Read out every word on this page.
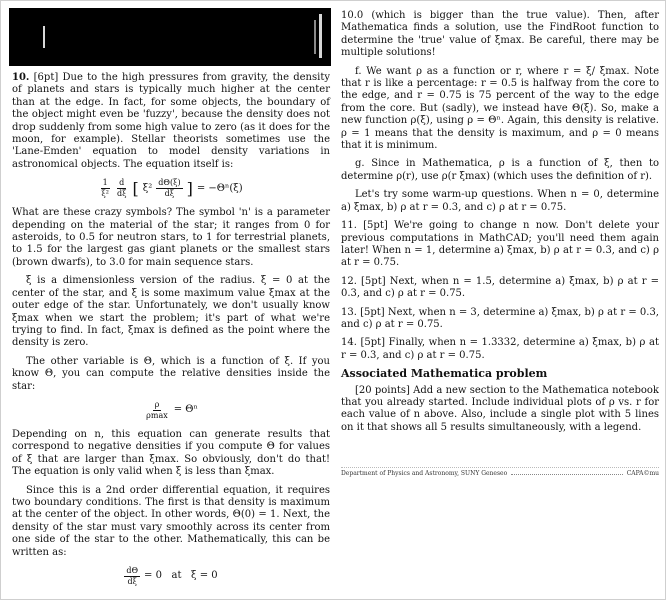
10. [6pt] Due to the high pressures from gravity, the density of planets and stars is typically much higher at the center than at the edge. In fact, for some objects, the boundary of the object might even be 'fuzzy', because the density does not drop suddenly from some high value to zero (as it does for the moon, for example). Stellar theorists sometimes use the 'Lane-Emden' equation to model density variations in astronomical objects. The equation itself is:

$\frac{1}{\text{ξ²}} \frac{d}{d\xi}$ [ $\xi^2 \frac{d\Theta(\xi)}{d\xi}$ ] = −Θⁿ(ξ)

What are these crazy symbols? The symbol 'n' is a parameter depending on the material of the star; it ranges from 0 for asteroids, to 0.5 for neutron stars, to 1 for terrestrial planets, to 1.5 for the largest gas giant planets or the smallest stars (brown dwarfs), to 3.0 for main sequence stars.

ξ is a dimensionless version of the radius. ξ = 0 at the center of the star, and ξ is some maximum value ξmax at the outer edge of the star. Unfortunately, we don't usually know ξmax when we start the problem; it's part of what we're trying to find. In fact, ξmax is defined as the point where the density is zero.

The other variable is Θ, which is a function of ξ. If you know Θ, you can compute the relative densities inside the star:

$\frac{\rho}{\rho\max} = \Theta^n$

Depending on n, this equation can generate results that correspond to negative densities if you compute Θ for values of ξ that are larger than ξmax. So obviously, don't do that! The equation is only valid when ξ is less than ξmax.

Since this is a 2nd order differential equation, it requires two boundary conditions. The first is that density is maximum at the center of the object. In other words, Θ(0) = 1. Next, the density of the star must vary smoothly across its center from one side of the star to the other. Mathematically, this can be written as:

$\frac{d\Theta}{d\xi} = 0$   at   ξ = 0

10.0 (which is bigger than the true value). Then, after Mathematica finds a solution, use the FindRoot function to determine the 'true' value of ξmax. Be careful, there may be multiple solutions!

f. We want ρ as a function or r, where r = ξ/ ξmax. Note that r is like a percentage: r = 0.5 is halfway from the core to the edge, and r = 0.75 is 75 percent of the way to the edge from the core. But (sadly), we instead have Θ(ξ). So, make a new function ρ(ξ), using ρ = Θⁿ. Again, this density is relative. ρ = 1 means that the density is maximum, and ρ = 0 means that it is minimum.

g. Since in Mathematica, ρ is a function of ξ, then to determine ρ(r), use ρ(r ξmax) (which uses the definition of r).

Let's try some warm-up questions. When n = 0, determine a) ξmax, b) ρ at r = 0.3, and c) ρ at r = 0.75.

11. [5pt] We're going to change n now. Don't delete your previous computations in MathCAD; you'll need them again later! When n = 1, determine a) ξmax, b) ρ at r = 0.3, and c) ρ at r = 0.75.

12. [5pt] Next, when n = 1.5, determine a) ξmax, b) ρ at r = 0.3, and c) ρ at r = 0.75.

13. [5pt] Next, when n = 3, determine a) ξmax, b) ρ at r = 0.3, and c) ρ at r = 0.75.

14. [5pt] Finally, when n = 1.3332, determine a) ξmax, b) ρ at r = 0.3, and c) ρ at r = 0.75.

Associated Mathematica problem

[20 points] Add a new section to the Mathematica notebook that you already started. Include individual plots of ρ vs. r for each value of n above. Also, include a single plot with 5 lines on it that shows all 5 results simultaneously, with a legend.

Department of Physics and Astronomy, SUNY Geneseo	CAPA©mu
